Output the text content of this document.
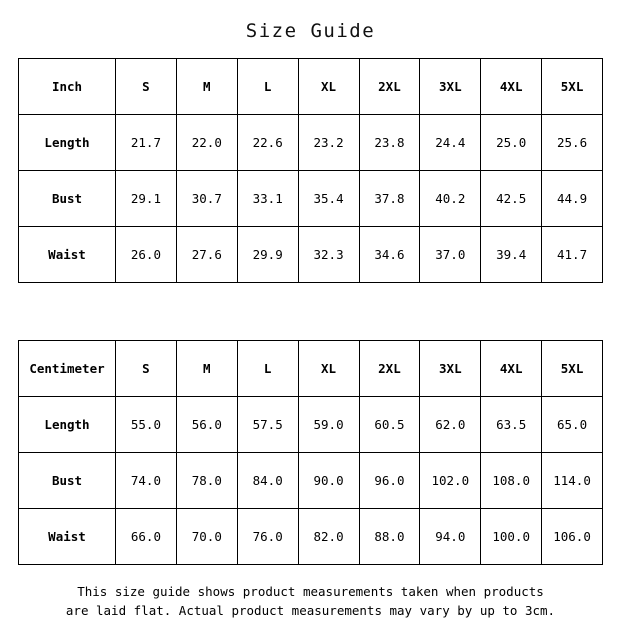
Size Guide
Inch	S	M	L	XL	2XL	3XL	4XL	5XL
Length	21.7	22.0	22.6	23.2	23.8	24.4	25.0	25.6
Bust	29.1	30.7	33.1	35.4	37.8	40.2	42.5	44.9
Waist	26.0	27.6	29.9	32.3	34.6	37.0	39.4	41.7
Centimeter	S	M	L	XL	2XL	3XL	4XL	5XL
Length	55.0	56.0	57.5	59.0	60.5	62.0	63.5	65.0
Bust	74.0	78.0	84.0	90.0	96.0	102.0	108.0	114.0
Waist	66.0	70.0	76.0	82.0	88.0	94.0	100.0	106.0
This size guide shows product measurements taken when products
are laid flat. Actual product measurements may vary by up to 3cm.
